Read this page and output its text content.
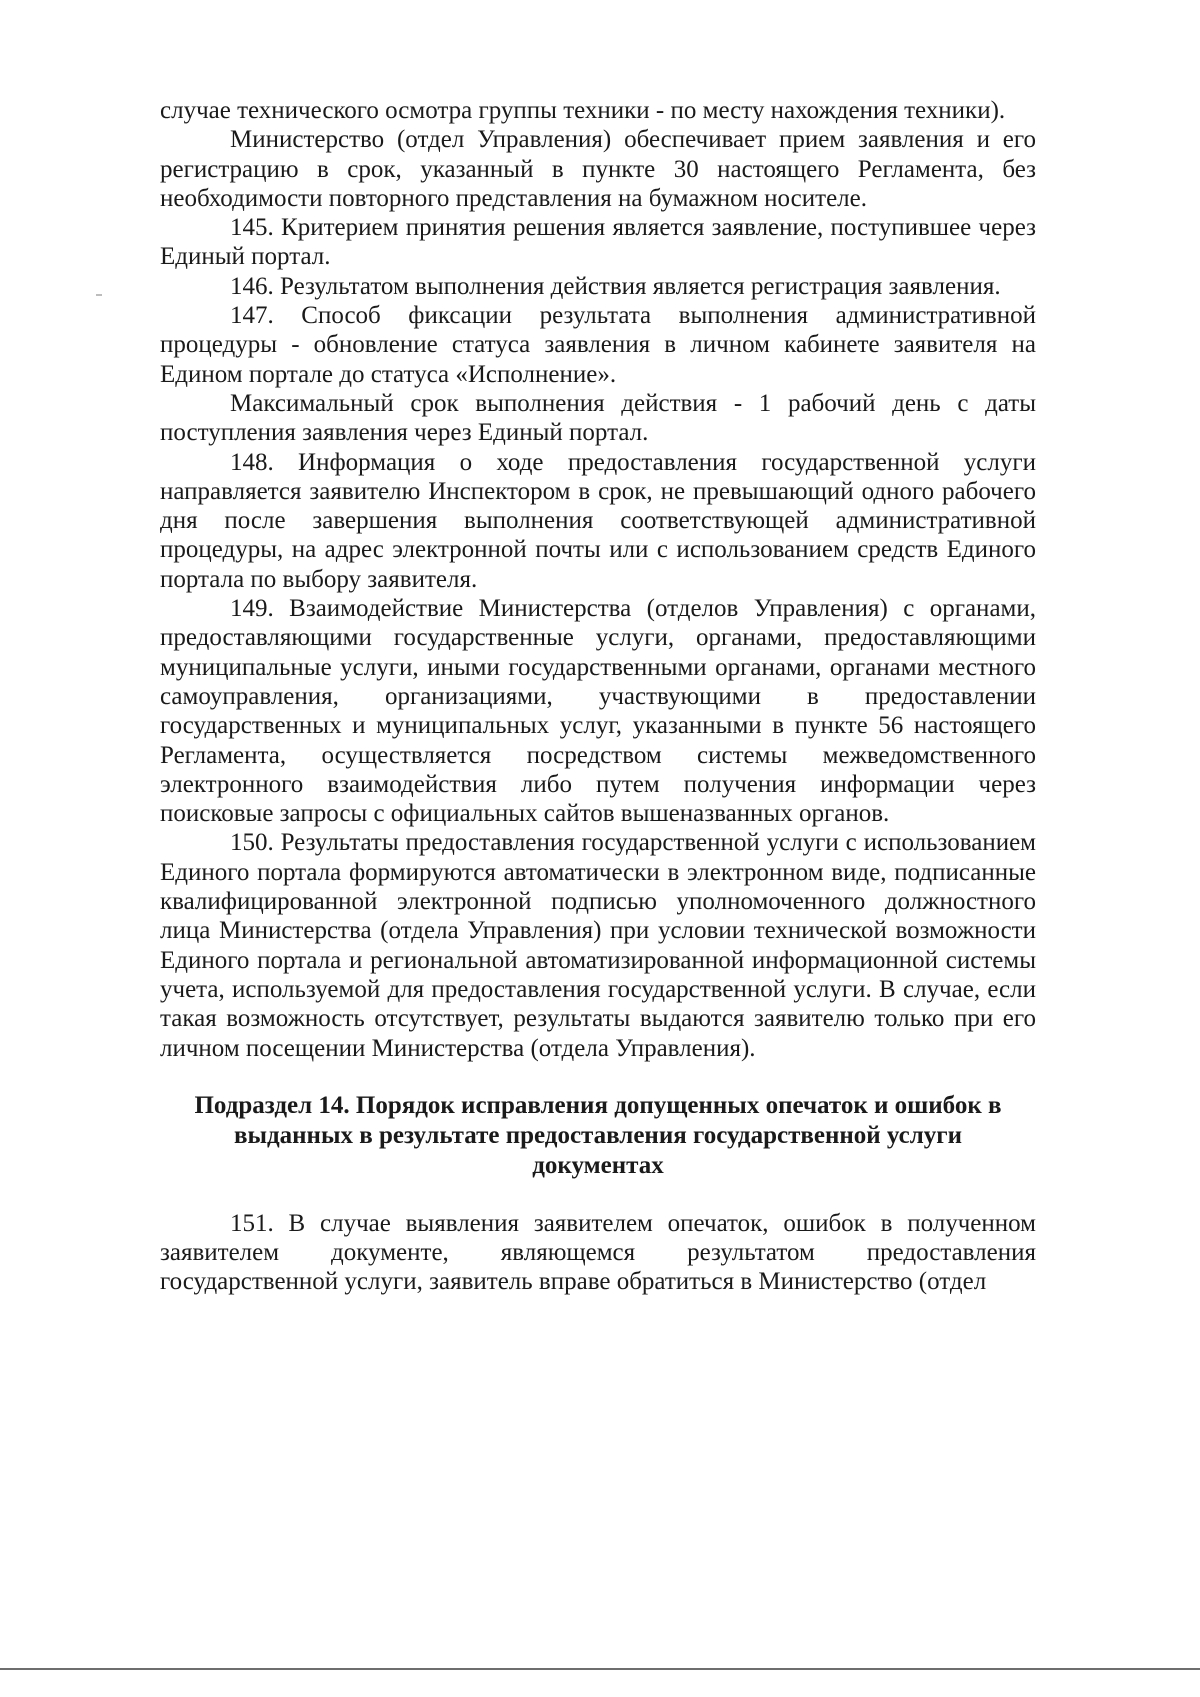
случае технического осмотра группы техники - по месту нахождения техники).

Министерство (отдел Управления) обеспечивает прием заявления и его регистрацию в срок, указанный в пункте 30 настоящего Регламента, без необходимости повторного представления на бумажном носителе.

145. Критерием принятия решения является заявление, поступившее через Единый портал.

146. Результатом выполнения действия является регистрация заявления.

147. Способ фиксации результата выполнения административной процедуры - обновление статуса заявления в личном кабинете заявителя на Едином портале до статуса «Исполнение».

Максимальный срок выполнения действия - 1 рабочий день с даты поступления заявления через Единый портал.

148. Информация о ходе предоставления государственной услуги направляется заявителю Инспектором в срок, не превышающий одного рабочего дня после завершения выполнения соответствующей административной процедуры, на адрес электронной почты или с использованием средств Единого портала по выбору заявителя.

149. Взаимодействие Министерства (отделов Управления) с органами, предоставляющими государственные услуги, органами, предоставляющими муниципальные услуги, иными государственными органами, органами местного самоуправления, организациями, участвующими в предоставлении государственных и муниципальных услуг, указанными в пункте 56 настоящего Регламента, осуществляется посредством системы межведомственного электронного взаимодействия либо путем получения информации через поисковые запросы с официальных сайтов вышеназванных органов.

150. Результаты предоставления государственной услуги с использованием Единого портала формируются автоматически в электронном виде, подписанные квалифицированной электронной подписью уполномоченного должностного лица Министерства (отдела Управления) при условии технической возможности Единого портала и региональной автоматизированной информационной системы учета, используемой для предоставления государственной услуги. В случае, если такая возможность отсутствует, результаты выдаются заявителю только при его личном посещении Министерства (отдела Управления).

Подраздел 14. Порядок исправления допущенных опечаток и ошибок в
выданных в результате предоставления государственной услуги
документах

151. В случае выявления заявителем опечаток, ошибок в полученном заявителем документе, являющемся результатом предоставления государственной услуги, заявитель вправе обратиться в Министерство (отдел
